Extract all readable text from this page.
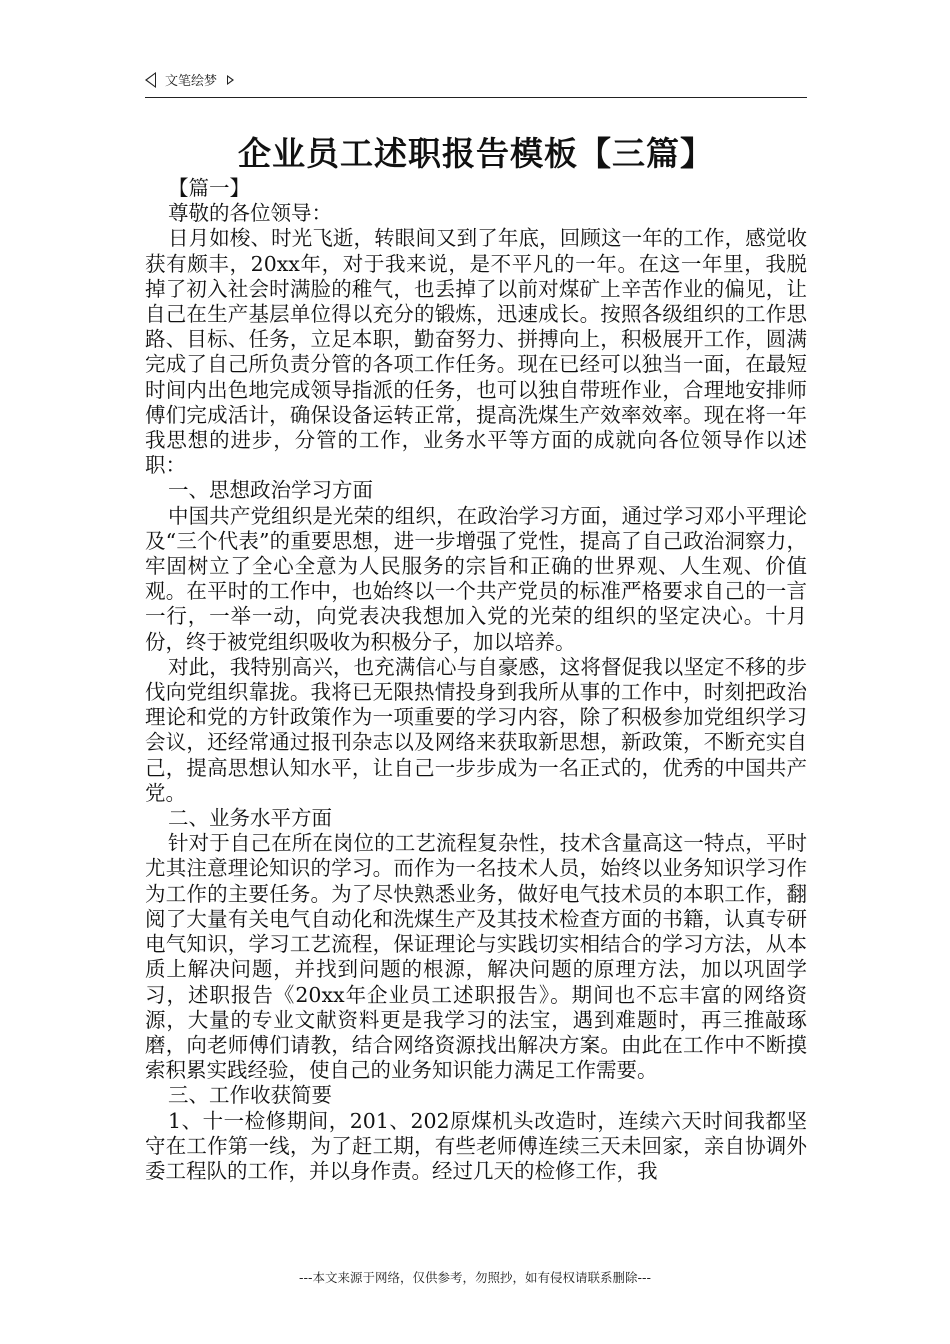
文笔绘梦
企业员工述职报告模板【三篇】

【篇一】

尊敬的各位领导：

日月如梭、时光飞逝，转眼间又到了年底，回顾这一年的工作，感觉收获有颇丰，20xx年，对于我来说，是不平凡的一年。在这一年里，我脱掉了初入社会时满脸的稚气，也丢掉了以前对煤矿上辛苦作业的偏见，让自己在生产基层单位得以充分的锻炼，迅速成长。按照各级组织的工作思路、目标、任务，立足本职，勤奋努力、拼搏向上，积极展开工作，圆满完成了自己所负责分管的各项工作任务。现在已经可以独当一面，在最短时间内出色地完成领导指派的任务，也可以独自带班作业，合理地安排师傅们完成活计，确保设备运转正常，提高洗煤生产效率效率。现在将一年我思想的进步，分管的工作，业务水平等方面的成就向各位领导作以述职：

一、思想政治学习方面

中国共产党组织是光荣的组织，在政治学习方面，通过学习邓小平理论及“三个代表”的重要思想，进一步增强了党性，提高了自己政治洞察力，牢固树立了全心全意为人民服务的宗旨和正确的世界观、人生观、价值观。在平时的工作中，也始终以一个共产党员的标准严格要求自己的一言一行，一举一动，向党表决我想加入党的光荣的组织的坚定决心。十月份，终于被党组织吸收为积极分子，加以培养。

对此，我特别高兴，也充满信心与自豪感，这将督促我以坚定不移的步伐向党组织靠拢。我将已无限热情投身到我所从事的工作中，时刻把政治理论和党的方针政策作为一项重要的学习内容，除了积极参加党组织学习会议，还经常通过报刊杂志以及网络来获取新思想，新政策，不断充实自己，提高思想认知水平，让自己一步步成为一名正式的，优秀的中国共产党。

二、业务水平方面

针对于自己在所在岗位的工艺流程复杂性，技术含量高这一特点，平时尤其注意理论知识的学习。而作为一名技术人员，始终以业务知识学习作为工作的主要任务。为了尽快熟悉业务，做好电气技术员的本职工作，翻阅了大量有关电气自动化和洗煤生产及其技术检查方面的书籍，认真专研电气知识，学习工艺流程，保证理论与实践切实相结合的学习方法，从本质上解决问题，并找到问题的根源，解决问题的原理方法，加以巩固学习，述职报告《20xx年企业员工述职报告》。期间也不忘丰富的网络资源，大量的专业文献资料更是我学习的法宝，遇到难题时，再三推敲琢磨，向老师傅们请教，结合网络资源找出解决方案。由此在工作中不断摸索积累实践经验，使自己的业务知识能力满足工作需要。

三、工作收获简要

1、十一检修期间，201、202原煤机头改造时，连续六天时间我都坚守在工作第一线，为了赶工期，有些老师傅连续三天未回家，亲自协调外委工程队的工作，并以身作责。经过几天的检修工作，我

---本文来源于网络，仅供参考，勿照抄，如有侵权请联系删除---
